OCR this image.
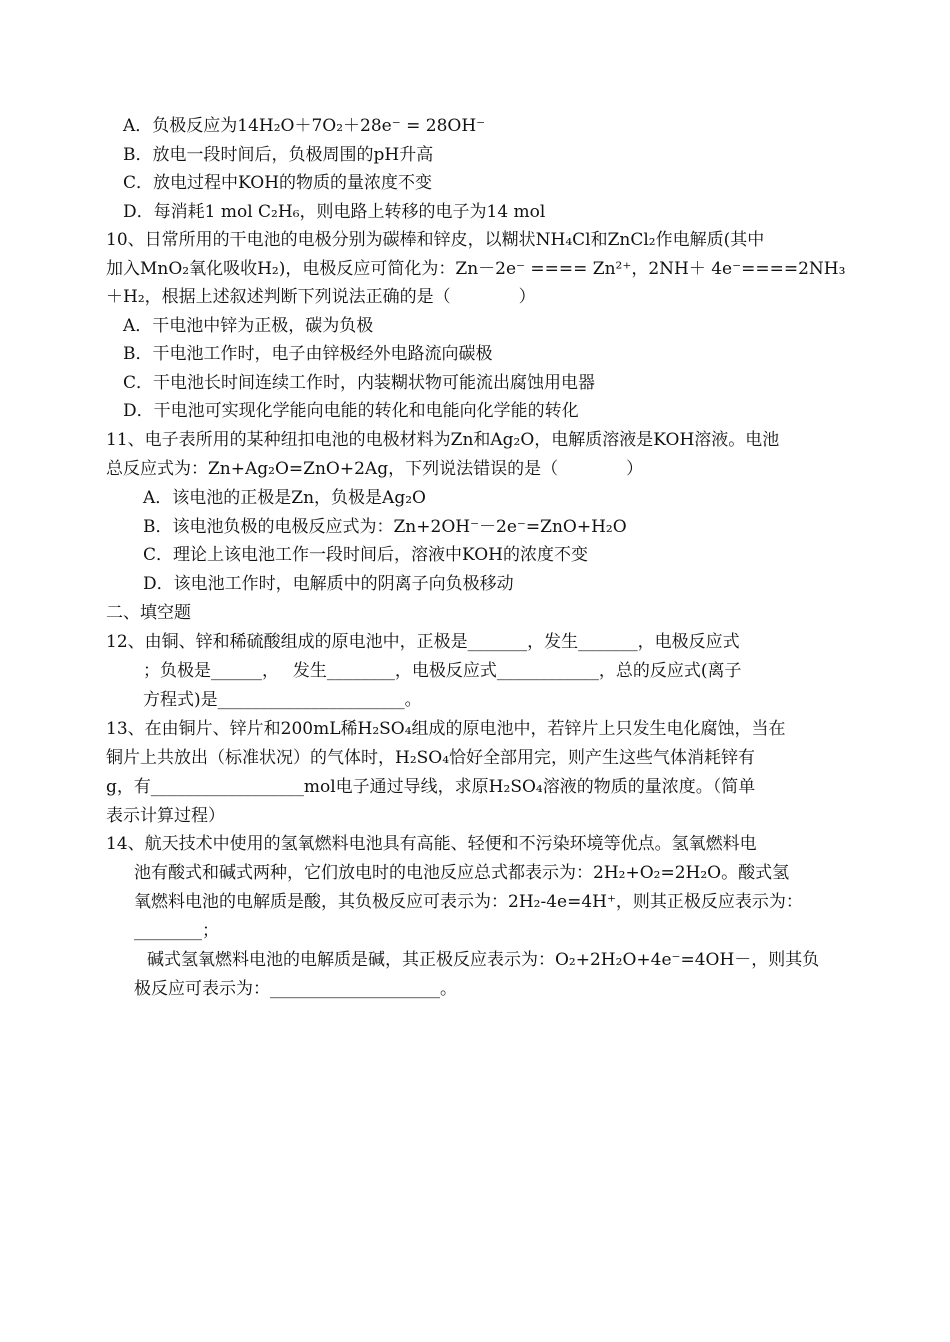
A．负极反应为14H₂O＋7O₂＋28e⁻ = 28OH⁻
B．放电一段时间后，负极周围的pH升高
C．放电过程中KOH的物质的量浓度不变
D．每消耗1 mol C₂H₆，则电路上转移的电子为14 mol
10、日常所用的干电池的电极分别为碳棒和锌皮，以糊状NH₄Cl和ZnCl₂作电解质(其中
加入MnO₂氧化吸收H₂)，电极反应可简化为：Zn－2e⁻ ==== Zn²⁺，2NH＋ 4e⁻====2NH₃
＋H₂，根据上述叙述判断下列说法正确的是（　　　　）
A．干电池中锌为正极，碳为负极
B．干电池工作时，电子由锌极经外电路流向碳极
C．干电池长时间连续工作时，内装糊状物可能流出腐蚀用电器
D．干电池可实现化学能向电能的转化和电能向化学能的转化
11、电子表所用的某种纽扣电池的电极材料为Zn和Ag₂O，电解质溶液是KOH溶液。电池
总反应式为：Zn+Ag₂O=ZnO+2Ag，下列说法错误的是（　　　　）
A．该电池的正极是Zn，负极是Ag₂O
B．该电池负极的电极反应式为：Zn+2OH⁻－2e⁻=ZnO+H₂O
C．理论上该电池工作一段时间后，溶液中KOH的浓度不变
D．该电池工作时，电解质中的阴离子向负极移动
二、填空题
12、由铜、锌和稀硫酸组成的原电池中，正极是_______，发生_______，电极反应式
；负极是______，　 发生________，电极反应式____________，总的反应式(离子
方程式)是______________________。
13、在由铜片、锌片和200mL稀H₂SO₄组成的原电池中，若锌片上只发生电化腐蚀，当在
铜片上共放出（标准状况）的气体时，H₂SO₄恰好全部用完，则产生这些气体消耗锌有
g，有__________________mol电子通过导线，求原H₂SO₄溶液的物质的量浓度。（简单
表示计算过程）
14、航天技术中使用的氢氧燃料电池具有高能、轻便和不污染环境等优点。氢氧燃料电
池有酸式和碱式两种，它们放电时的电池反应总式都表示为：2H₂+O₂=2H₂O。酸式氢
氧燃料电池的电解质是酸，其负极反应可表示为：2H₂-4e=4H⁺，则其正极反应表示为：
________；
碱式氢氧燃料电池的电解质是碱，其正极反应表示为：O₂+2H₂O+4e⁻=4OH－，则其负
极反应可表示为：____________________。
